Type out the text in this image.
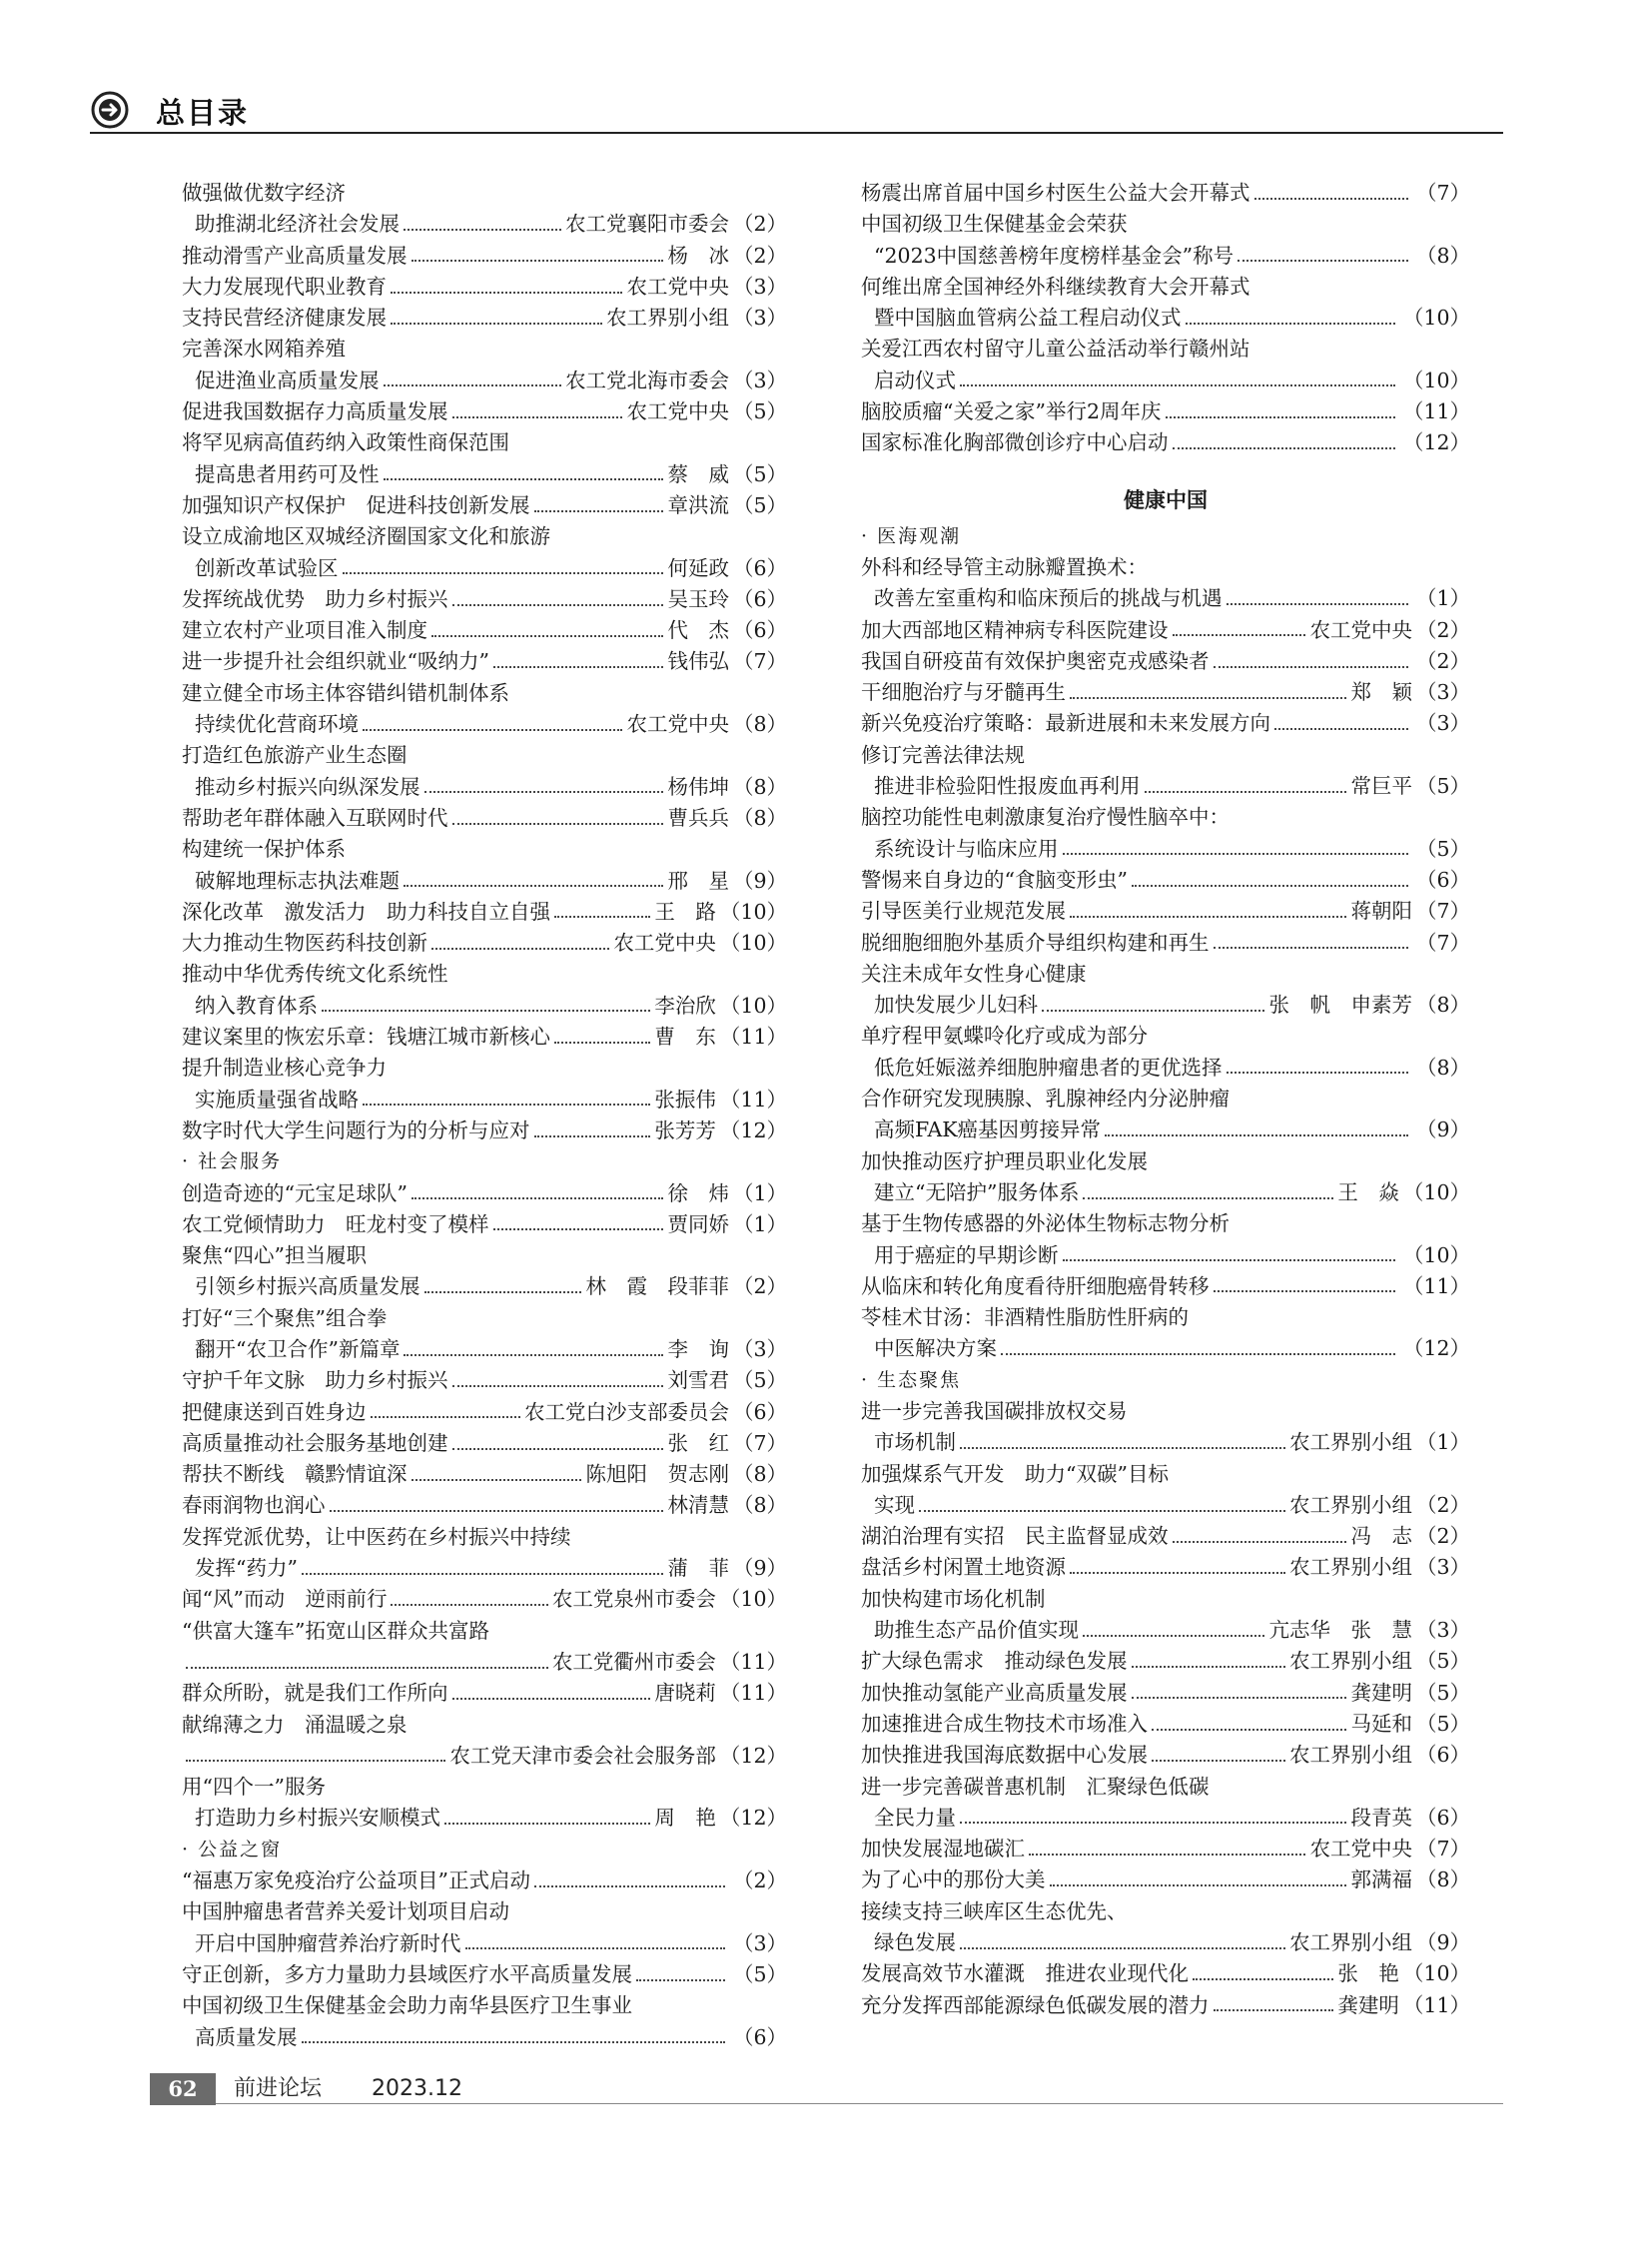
总目录
做强做优数字经济
助推湖北经济社会发展	农工党襄阳市委会 （2）
推动滑雪产业高质量发展	杨　冰 （2）
大力发展现代职业教育	农工党中央 （3）
支持民营经济健康发展	农工界别小组 （3）
完善深水网箱养殖
促进渔业高质量发展	农工党北海市委会 （3）
促进我国数据存力高质量发展	农工党中央 （5）
将罕见病高值药纳入政策性商保范围
提高患者用药可及性	蔡　威 （5）
加强知识产权保护　促进科技创新发展	章洪流 （5）
设立成渝地区双城经济圈国家文化和旅游
创新改革试验区	何延政 （6）
发挥统战优势　助力乡村振兴	吴玉玲 （6）
建立农村产业项目准入制度	代　杰 （6）
进一步提升社会组织就业“吸纳力”	钱伟弘 （7）
建立健全市场主体容错纠错机制体系
持续优化营商环境	农工党中央 （8）
打造红色旅游产业生态圈
推动乡村振兴向纵深发展	杨伟坤 （8）
帮助老年群体融入互联网时代	曹兵兵 （8）
构建统一保护体系
破解地理标志执法难题	邢　星 （9）
深化改革　激发活力　助力科技自立自强	王　路 （10）
大力推动生物医药科技创新	农工党中央 （10）
推动中华优秀传统文化系统性
纳入教育体系	李治欣 （10）
建议案里的恢宏乐章：钱塘江城市新核心	曹　东 （11）
提升制造业核心竞争力
实施质量强省战略	张振伟 （11）
数字时代大学生问题行为的分析与应对	张芳芳 （12）
· 社会服务
创造奇迹的“元宝足球队”	徐　炜 （1）
农工党倾情助力　旺龙村变了模样	贾同娇 （1）
聚焦“四心”担当履职
引领乡村振兴高质量发展	林　霞　段菲菲 （2）
打好“三个聚焦”组合拳
翻开“农卫合作”新篇章	李　询 （3）
守护千年文脉　助力乡村振兴	刘雪君 （5）
把健康送到百姓身边	农工党白沙支部委员会 （6）
高质量推动社会服务基地创建	张　红 （7）
帮扶不断线　赣黔情谊深	陈旭阳　贺志刚 （8）
春雨润物也润心	林清慧 （8）
发挥党派优势，让中医药在乡村振兴中持续
发挥“药力”	蒲　菲 （9）
闻“风”而动　逆雨前行	农工党泉州市委会 （10）
“供富大篷车”拓宽山区群众共富路
农工党衢州市委会 （11）
群众所盼，就是我们工作所向	唐晓莉 （11）
献绵薄之力　涌温暖之泉
农工党天津市委会社会服务部 （12）
用“四个一”服务
打造助力乡村振兴安顺模式	周　艳 （12）
· 公益之窗
“福惠万家免疫治疗公益项目”正式启动	（2）
中国肿瘤患者营养关爱计划项目启动
开启中国肿瘤营养治疗新时代	（3）
守正创新，多方力量助力县域医疗水平高质量发展	（5）
中国初级卫生保健基金会助力南华县医疗卫生事业
高质量发展	（6）
杨震出席首届中国乡村医生公益大会开幕式	（7）
中国初级卫生保健基金会荣获
“2023中国慈善榜年度榜样基金会”称号	（8）
何维出席全国神经外科继续教育大会开幕式
暨中国脑血管病公益工程启动仪式	（10）
关爱江西农村留守儿童公益活动举行赣州站
启动仪式	（10）
脑胶质瘤“关爱之家”举行2周年庆	（11）
国家标准化胸部微创诊疗中心启动	（12）
健康中国
· 医海观潮
外科和经导管主动脉瓣置换术：
改善左室重构和临床预后的挑战与机遇	（1）
加大西部地区精神病专科医院建设	农工党中央 （2）
我国自研疫苗有效保护奥密克戎感染者	（2）
干细胞治疗与牙髓再生	郑　颖 （3）
新兴免疫治疗策略：最新进展和未来发展方向	（3）
修订完善法律法规
推进非检验阳性报废血再利用	常巨平 （5）
脑控功能性电刺激康复治疗慢性脑卒中：
系统设计与临床应用	（5）
警惕来自身边的“食脑变形虫”	（6）
引导医美行业规范发展	蒋朝阳 （7）
脱细胞细胞外基质介导组织构建和再生	（7）
关注未成年女性身心健康
加快发展少儿妇科	张　帆　申素芳 （8）
单疗程甲氨蝶呤化疗或成为部分
低危妊娠滋养细胞肿瘤患者的更优选择	（8）
合作研究发现胰腺、乳腺神经内分泌肿瘤
高频FAK癌基因剪接异常	（9）
加快推动医疗护理员职业化发展
建立“无陪护”服务体系	王　焱 （10）
基于生物传感器的外泌体生物标志物分析
用于癌症的早期诊断	（10）
从临床和转化角度看待肝细胞癌骨转移	（11）
苓桂术甘汤：非酒精性脂肪性肝病的
中医解决方案	（12）
· 生态聚焦
进一步完善我国碳排放权交易
市场机制	农工界别小组 （1）
加强煤系气开发　助力“双碳”目标
实现	农工界别小组 （2）
湖泊治理有实招　民主监督显成效	冯　志 （2）
盘活乡村闲置土地资源	农工界别小组 （3）
加快构建市场化机制
助推生态产品价值实现	亢志华　张　慧 （3）
扩大绿色需求　推动绿色发展	农工界别小组 （5）
加快推动氢能产业高质量发展	龚建明 （5）
加速推进合成生物技术市场准入	马延和 （5）
加快推进我国海底数据中心发展	农工界别小组 （6）
进一步完善碳普惠机制　汇聚绿色低碳
全民力量	段青英 （6）
加快发展湿地碳汇	农工党中央 （7）
为了心中的那份大美	郭满福 （8）
接续支持三峡库区生态优先、
绿色发展	农工界别小组 （9）
发展高效节水灌溉　推进农业现代化	张　艳 （10）
充分发挥西部能源绿色低碳发展的潜力	龚建明 （11）
62	前进论坛 2023.12
